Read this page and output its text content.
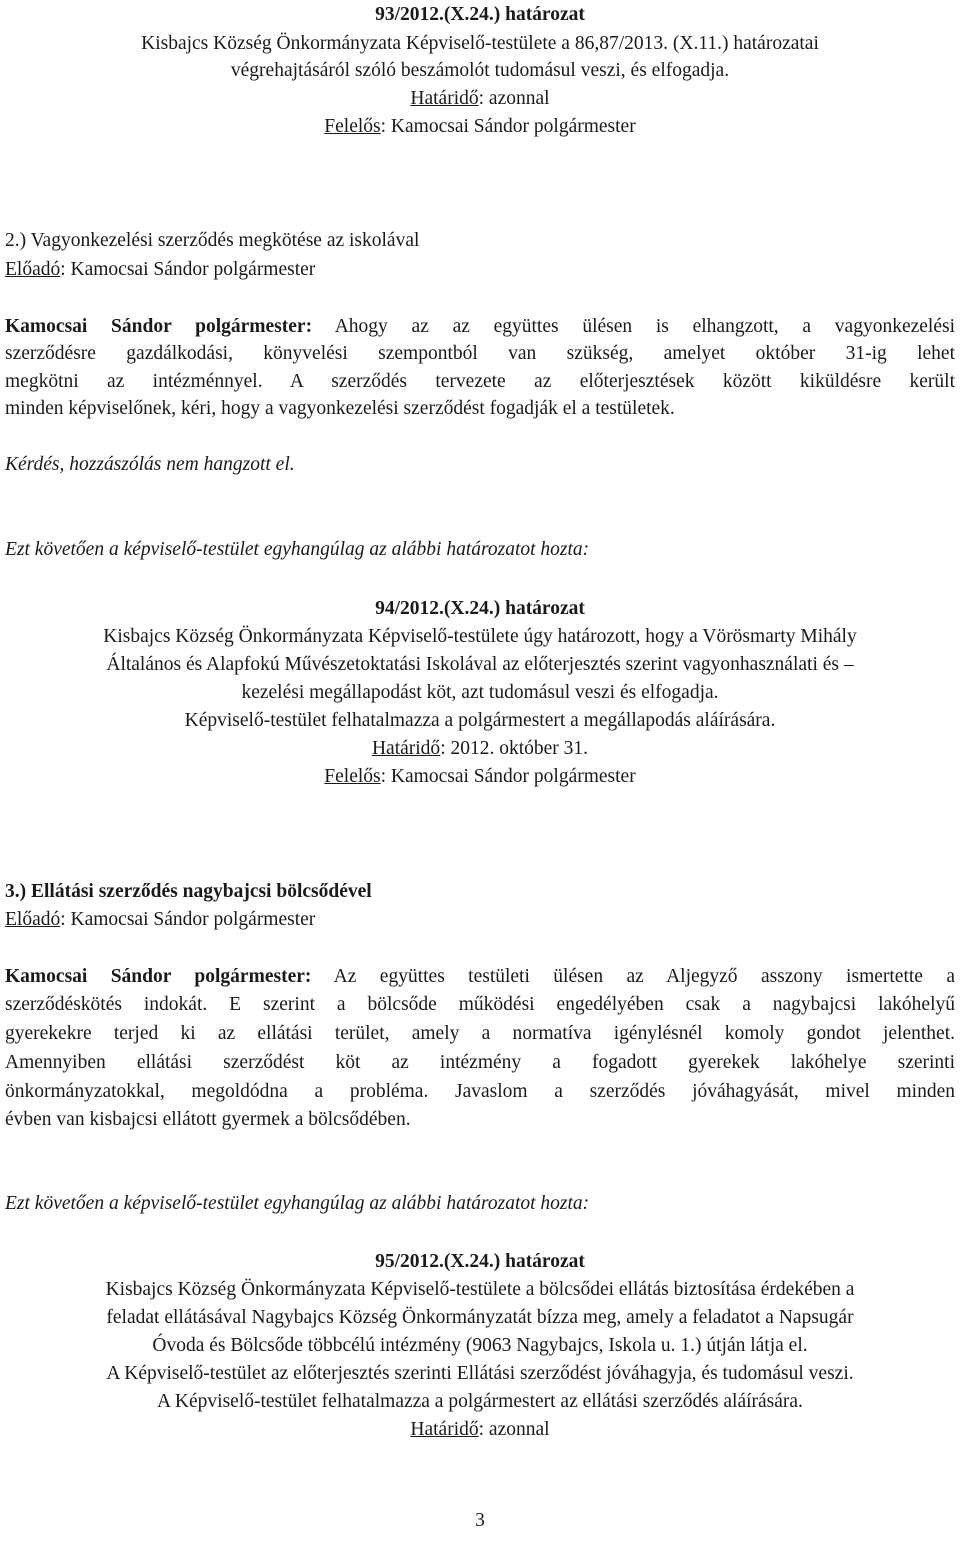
93/2012.(X.24.) határozat
Kisbajcs Község Önkormányzata Képviselő-testülete a 86,87/2013. (X.11.) határozatai
végrehajtásáról szóló beszámolót tudomásul veszi, és elfogadja.
Határidő: azonnal
Felelős: Kamocsai Sándor polgármester
2.) Vagyonkezelési szerződés megkötése az iskolával
Előadó: Kamocsai Sándor polgármester
Kamocsai Sándor polgármester: Ahogy az az együttes ülésen is elhangzott, a vagyonkezelési
szerződésre gazdálkodási, könyvelési szempontból van szükség, amelyet október 31-ig lehet
megkötni az intézménnyel. A szerződés tervezete az előterjesztések között kiküldésre került
minden képviselőnek, kéri, hogy a vagyonkezelési szerződést fogadják el a testületek.
Kérdés, hozzászólás nem hangzott el.
Ezt követően a képviselő-testület egyhangúlag az alábbi határozatot hozta:
94/2012.(X.24.) határozat
Kisbajcs Község Önkormányzata Képviselő-testülete úgy határozott, hogy a Vörösmarty Mihály
Általános és Alapfokú Művészetoktatási Iskolával az előterjesztés szerint vagyonhasználati és –
kezelési megállapodást köt, azt tudomásul veszi és elfogadja.
Képviselő-testület felhatalmazza a polgármestert a megállapodás aláírására.
Határidő: 2012. október 31.
Felelős: Kamocsai Sándor polgármester
3.) Ellátási szerződés nagybajcsi bölcsődével
Előadó: Kamocsai Sándor polgármester
Kamocsai Sándor polgármester: Az együttes testületi ülésen az Aljegyző asszony ismertette a
szerződéskötés indokát. E szerint a bölcsőde működési engedélyében csak a nagybajcsi lakóhelyű
gyerekekre terjed ki az ellátási terület, amely a normatíva igénylésnél komoly gondot jelenthet.
Amennyiben ellátási szerződést köt az intézmény a fogadott gyerekek lakóhelye szerinti
önkormányzatokkal, megoldódna a probléma. Javaslom a szerződés jóváhagyását, mivel minden
évben van kisbajcsi ellátott gyermek a bölcsődében.
Ezt követően a képviselő-testület egyhangúlag az alábbi határozatot hozta:
95/2012.(X.24.) határozat
Kisbajcs Község Önkormányzata Képviselő-testülete a bölcsődei ellátás biztosítása érdekében a
feladat ellátásával Nagybajcs Község Önkormányzatát bízza meg, amely a feladatot a Napsugár
Óvoda és Bölcsőde többcélú intézmény (9063 Nagybajcs, Iskola u. 1.) útján látja el.
A Képviselő-testület az előterjesztés szerinti Ellátási szerződést jóváhagyja, és tudomásul veszi.
A Képviselő-testület felhatalmazza a polgármestert az ellátási szerződés aláírására.
Határidő: azonnal
3
